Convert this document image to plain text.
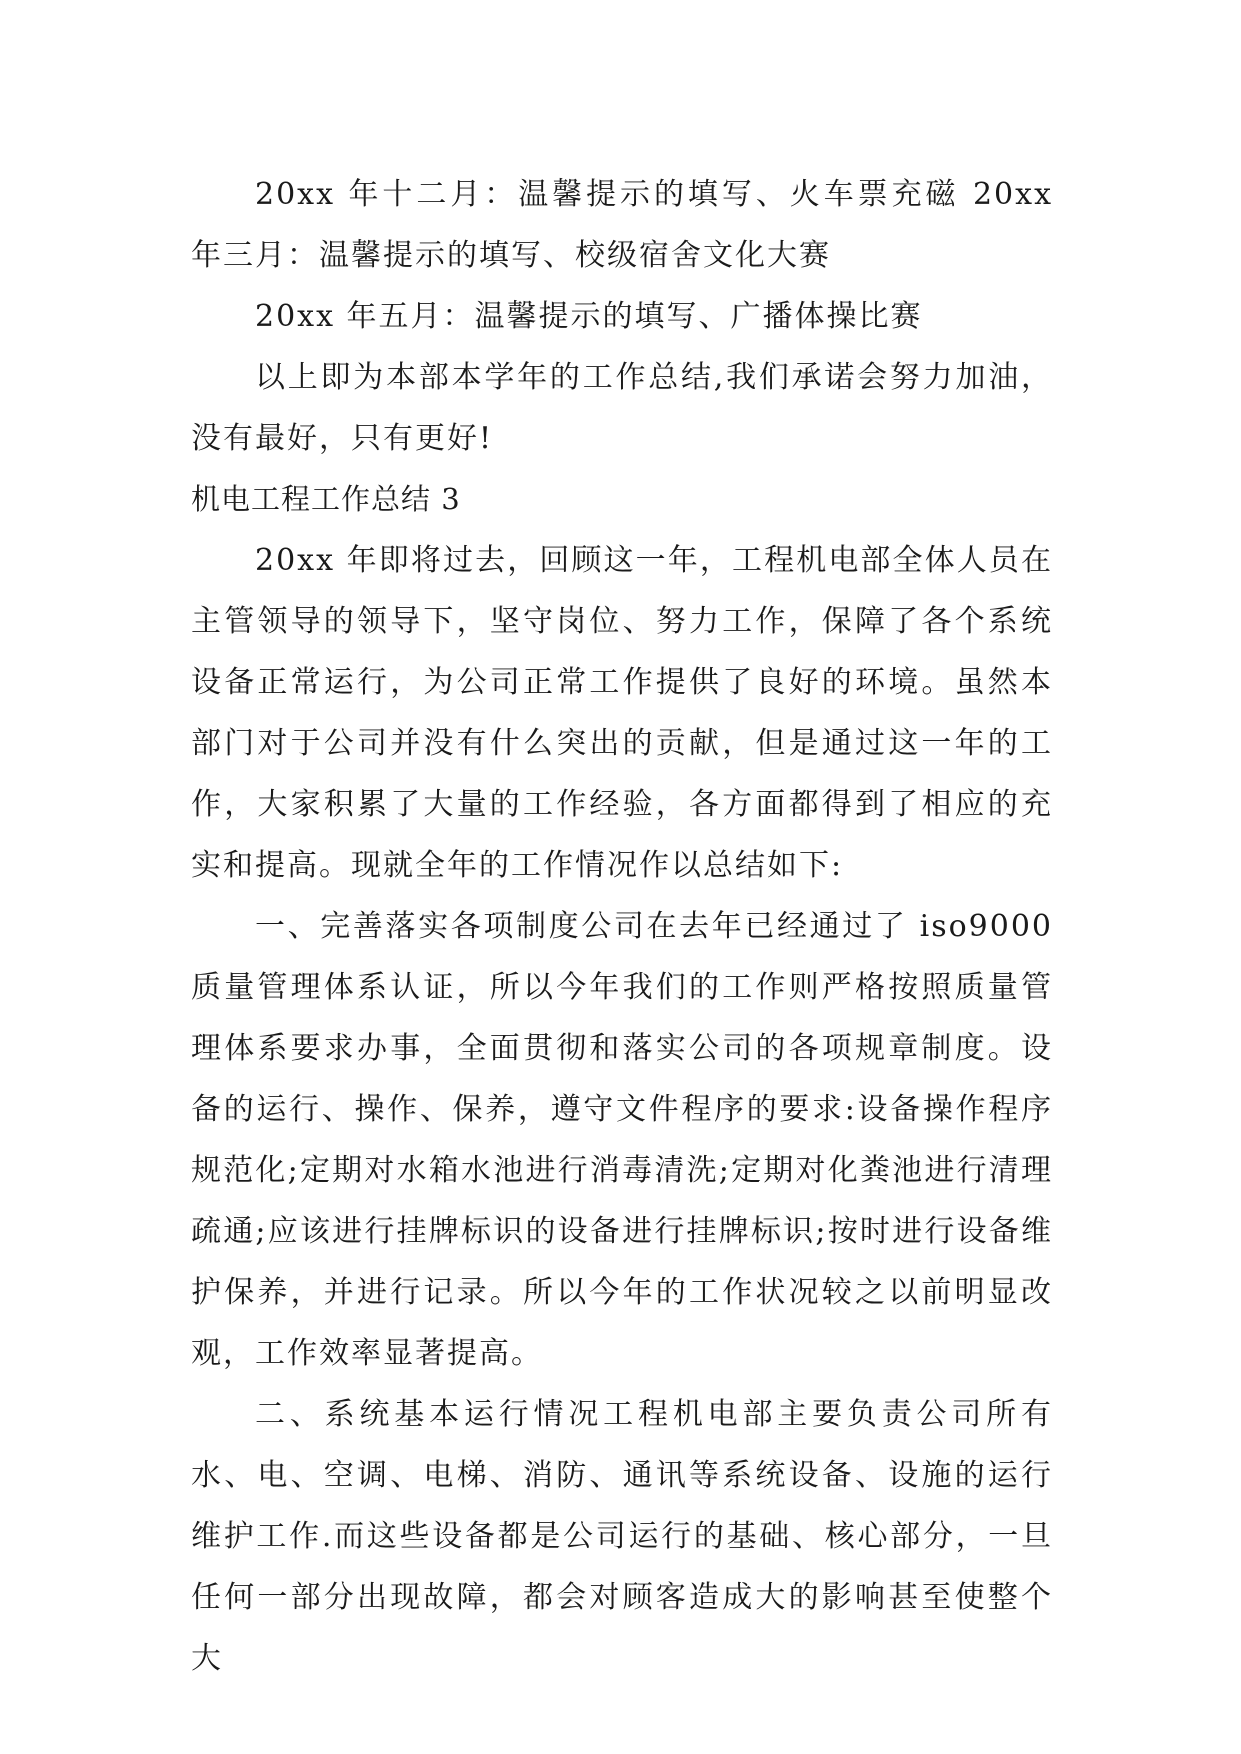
20xx 年十二月：温馨提示的填写、火车票充磁 20xx 年三月：温馨提示的填写、校级宿舍文化大赛

20xx 年五月：温馨提示的填写、广播体操比赛

以上即为本部本学年的工作总结,我们承诺会努力加油，没有最好，只有更好!

机电工程工作总结 3

20xx 年即将过去，回顾这一年，工程机电部全体人员在主管领导的领导下，坚守岗位、努力工作，保障了各个系统设备正常运行，为公司正常工作提供了良好的环境。虽然本部门对于公司并没有什么突出的贡献，但是通过这一年的工作，大家积累了大量的工作经验，各方面都得到了相应的充实和提高。现就全年的工作情况作以总结如下:

一、完善落实各项制度公司在去年已经通过了 iso9000 质量管理体系认证，所以今年我们的工作则严格按照质量管理体系要求办事，全面贯彻和落实公司的各项规章制度。设备的运行、操作、保养，遵守文件程序的要求:设备操作程序规范化;定期对水箱水池进行消毒清洗;定期对化粪池进行清理疏通;应该进行挂牌标识的设备进行挂牌标识;按时进行设备维护保养，并进行记录。所以今年的工作状况较之以前明显改观，工作效率显著提高。

二、系统基本运行情况工程机电部主要负责公司所有水、电、空调、电梯、消防、通讯等系统设备、设施的运行维护工作.而这些设备都是公司运行的基础、核心部分，一旦任何一部分出现故障，都会对顾客造成大的影响甚至使整个大
